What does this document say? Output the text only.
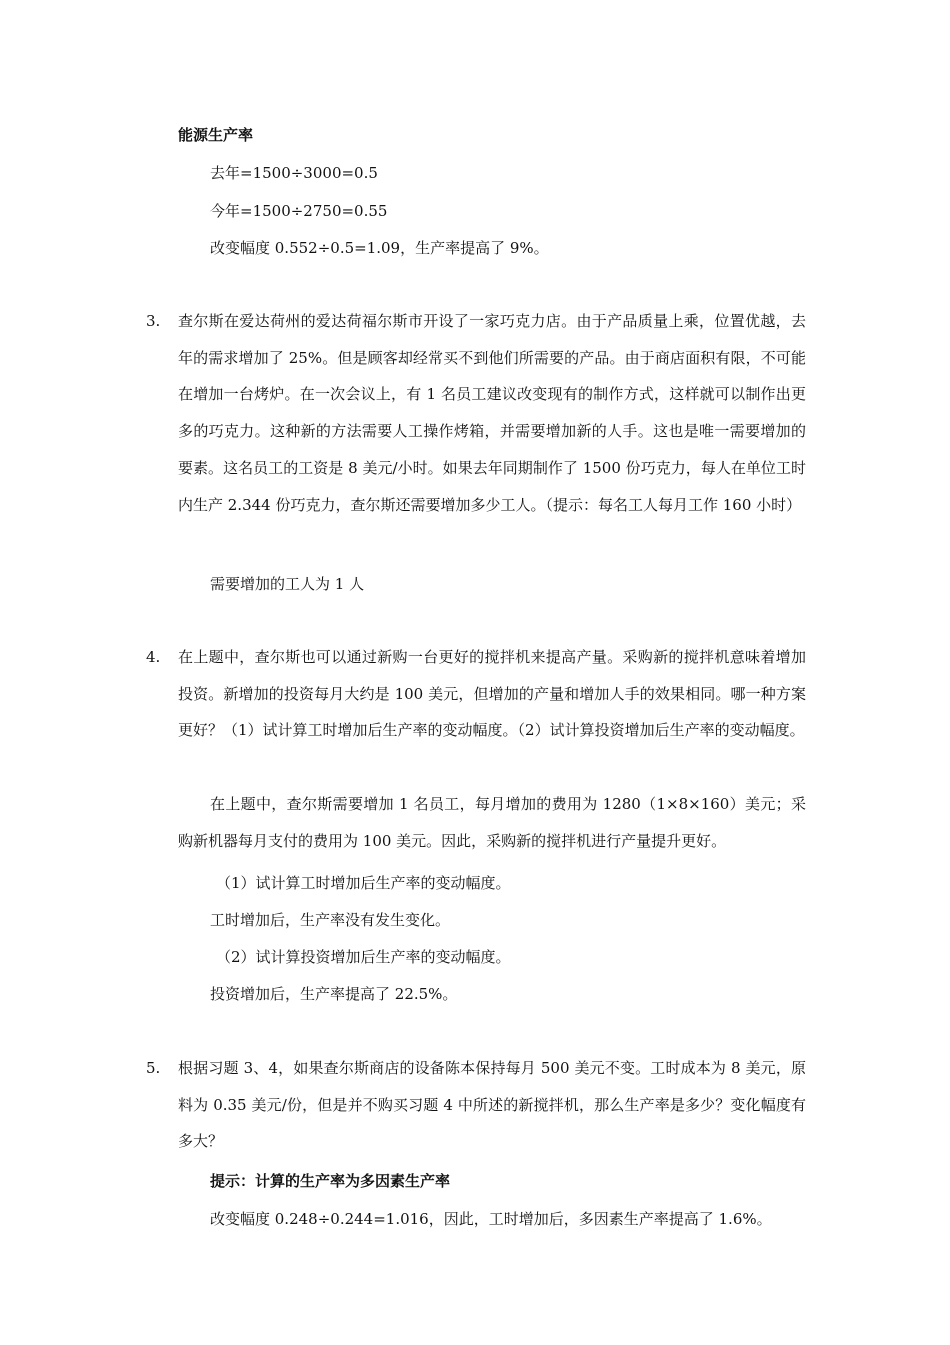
能源生产率
去年=1500÷3000=0.5
今年=1500÷2750=0.55
改变幅度 0.552÷0.5=1.09，生产率提高了 9%。
3. 查尔斯在爱达荷州的爱达荷福尔斯市开设了一家巧克力店。由于产品质量上乘，位置优越，去年的需求增加了 25%。但是顾客却经常买不到他们所需要的产品。由于商店面积有限，不可能在增加一台烤炉。在一次会议上，有 1 名员工建议改变现有的制作方式，这样就可以制作出更多的巧克力。这种新的方法需要人工操作烤箱，并需要增加新的人手。这也是唯一需要增加的要素。这名员工的工资是 8 美元/小时。如果去年同期制作了 1500 份巧克力，每人在单位工时内生产 2.344 份巧克力，查尔斯还需要增加多少工人。（提示：每名工人每月工作 160 小时）
需要增加的工人为 1 人
4. 在上题中，查尔斯也可以通过新购一台更好的搅拌机来提高产量。采购新的搅拌机意味着增加投资。新增加的投资每月大约是 100 美元，但增加的产量和增加人手的效果相同。哪一种方案更好？（1）试计算工时增加后生产率的变动幅度。（2）试计算投资增加后生产率的变动幅度。
在上题中，查尔斯需要增加 1 名员工，每月增加的费用为 1280（1×8×160）美元；采购新机器每月支付的费用为 100 美元。因此，采购新的搅拌机进行产量提升更好。
（1）试计算工时增加后生产率的变动幅度。
工时增加后，生产率没有发生变化。
（2）试计算投资增加后生产率的变动幅度。
投资增加后，生产率提高了 22.5%。
5. 根据习题 3、4，如果查尔斯商店的设备陈本保持每月 500 美元不变。工时成本为 8 美元，原料为 0.35 美元/份，但是并不购买习题 4 中所述的新搅拌机，那么生产率是多少？变化幅度有多大？
提示：计算的生产率为多因素生产率
改变幅度 0.248÷0.244=1.016，因此，工时增加后，多因素生产率提高了 1.6%。
